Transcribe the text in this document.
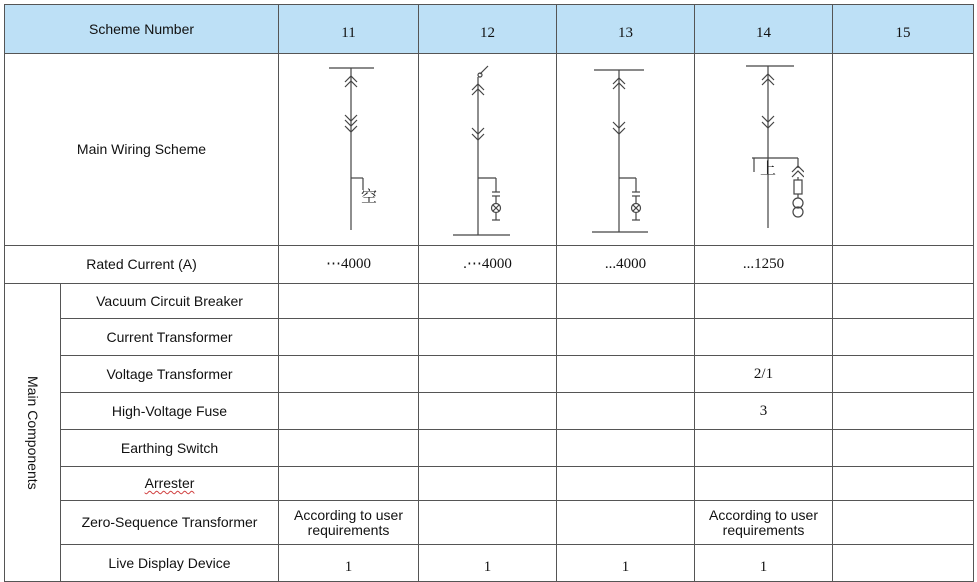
Scheme Number		11	12	13	14	15
Main Wiring Scheme		空			上	

Rated Current (A)		⋯4000	.⋯4000	...4000	...1250	
Main Components	Vacuum Circuit Breaker					
	Current Transformer					
	Voltage Transformer				2/1	
	High-Voltage Fuse				3	
	Earthing Switch					
	Arrester					
	Zero-Sequence Transformer	According to user requirements			According to user requirements	
	Live Display Device	1	1	1	1	
